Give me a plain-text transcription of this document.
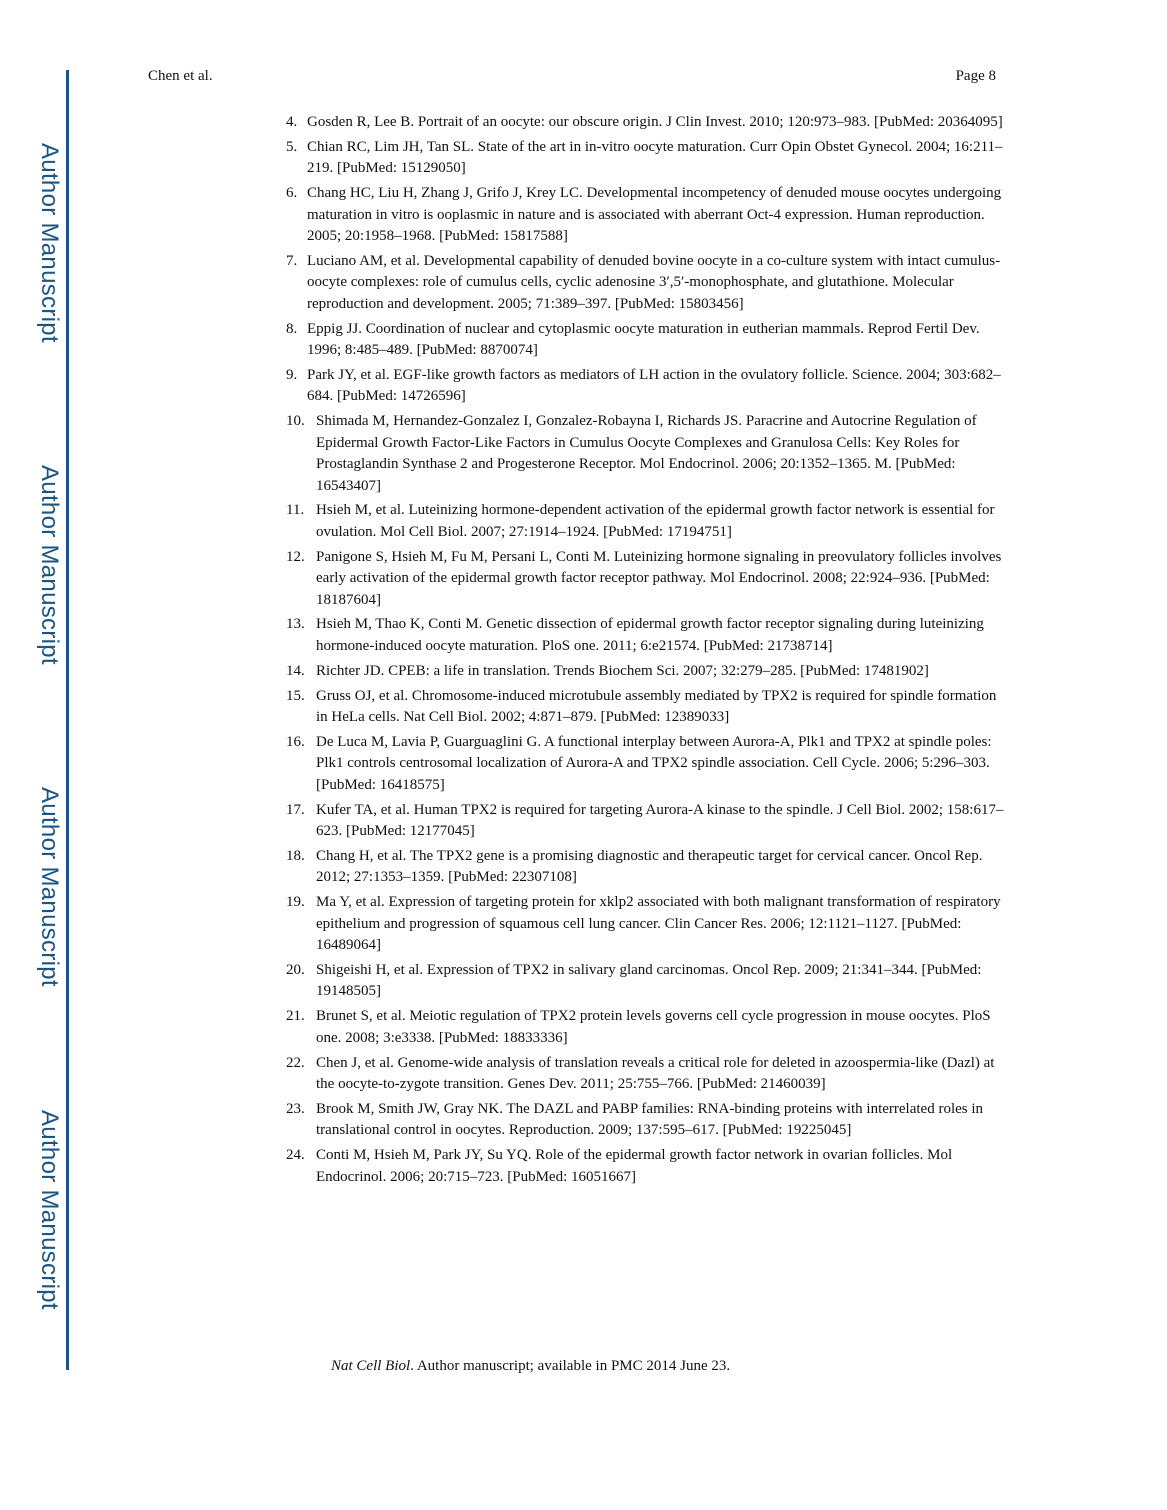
Author Manuscript
Author Manuscript
Author Manuscript
Author Manuscript
Chen et al.	Page 8
4. Gosden R, Lee B. Portrait of an oocyte: our obscure origin. J Clin Invest. 2010; 120:973–983. [PubMed: 20364095]
5. Chian RC, Lim JH, Tan SL. State of the art in in-vitro oocyte maturation. Curr Opin Obstet Gynecol. 2004; 16:211–219. [PubMed: 15129050]
6. Chang HC, Liu H, Zhang J, Grifo J, Krey LC. Developmental incompetency of denuded mouse oocytes undergoing maturation in vitro is ooplasmic in nature and is associated with aberrant Oct-4 expression. Human reproduction. 2005; 20:1958–1968. [PubMed: 15817588]
7. Luciano AM, et al. Developmental capability of denuded bovine oocyte in a co-culture system with intact cumulus-oocyte complexes: role of cumulus cells, cyclic adenosine 3′,5′-monophosphate, and glutathione. Molecular reproduction and development. 2005; 71:389–397. [PubMed: 15803456]
8. Eppig JJ. Coordination of nuclear and cytoplasmic oocyte maturation in eutherian mammals. Reprod Fertil Dev. 1996; 8:485–489. [PubMed: 8870074]
9. Park JY, et al. EGF-like growth factors as mediators of LH action in the ovulatory follicle. Science. 2004; 303:682–684. [PubMed: 14726596]
10. Shimada M, Hernandez-Gonzalez I, Gonzalez-Robayna I, Richards JS. Paracrine and Autocrine Regulation of Epidermal Growth Factor-Like Factors in Cumulus Oocyte Complexes and Granulosa Cells: Key Roles for Prostaglandin Synthase 2 and Progesterone Receptor. Mol Endocrinol. 2006; 20:1352–1365. M. [PubMed: 16543407]
11. Hsieh M, et al. Luteinizing hormone-dependent activation of the epidermal growth factor network is essential for ovulation. Mol Cell Biol. 2007; 27:1914–1924. [PubMed: 17194751]
12. Panigone S, Hsieh M, Fu M, Persani L, Conti M. Luteinizing hormone signaling in preovulatory follicles involves early activation of the epidermal growth factor receptor pathway. Mol Endocrinol. 2008; 22:924–936. [PubMed: 18187604]
13. Hsieh M, Thao K, Conti M. Genetic dissection of epidermal growth factor receptor signaling during luteinizing hormone-induced oocyte maturation. PloS one. 2011; 6:e21574. [PubMed: 21738714]
14. Richter JD. CPEB: a life in translation. Trends Biochem Sci. 2007; 32:279–285. [PubMed: 17481902]
15. Gruss OJ, et al. Chromosome-induced microtubule assembly mediated by TPX2 is required for spindle formation in HeLa cells. Nat Cell Biol. 2002; 4:871–879. [PubMed: 12389033]
16. De Luca M, Lavia P, Guarguaglini G. A functional interplay between Aurora-A, Plk1 and TPX2 at spindle poles: Plk1 controls centrosomal localization of Aurora-A and TPX2 spindle association. Cell Cycle. 2006; 5:296–303. [PubMed: 16418575]
17. Kufer TA, et al. Human TPX2 is required for targeting Aurora-A kinase to the spindle. J Cell Biol. 2002; 158:617–623. [PubMed: 12177045]
18. Chang H, et al. The TPX2 gene is a promising diagnostic and therapeutic target for cervical cancer. Oncol Rep. 2012; 27:1353–1359. [PubMed: 22307108]
19. Ma Y, et al. Expression of targeting protein for xklp2 associated with both malignant transformation of respiratory epithelium and progression of squamous cell lung cancer. Clin Cancer Res. 2006; 12:1121–1127. [PubMed: 16489064]
20. Shigeishi H, et al. Expression of TPX2 in salivary gland carcinomas. Oncol Rep. 2009; 21:341–344. [PubMed: 19148505]
21. Brunet S, et al. Meiotic regulation of TPX2 protein levels governs cell cycle progression in mouse oocytes. PloS one. 2008; 3:e3338. [PubMed: 18833336]
22. Chen J, et al. Genome-wide analysis of translation reveals a critical role for deleted in azoospermia-like (Dazl) at the oocyte-to-zygote transition. Genes Dev. 2011; 25:755–766. [PubMed: 21460039]
23. Brook M, Smith JW, Gray NK. The DAZL and PABP families: RNA-binding proteins with interrelated roles in translational control in oocytes. Reproduction. 2009; 137:595–617. [PubMed: 19225045]
24. Conti M, Hsieh M, Park JY, Su YQ. Role of the epidermal growth factor network in ovarian follicles. Mol Endocrinol. 2006; 20:715–723. [PubMed: 16051667]
Nat Cell Biol. Author manuscript; available in PMC 2014 June 23.
